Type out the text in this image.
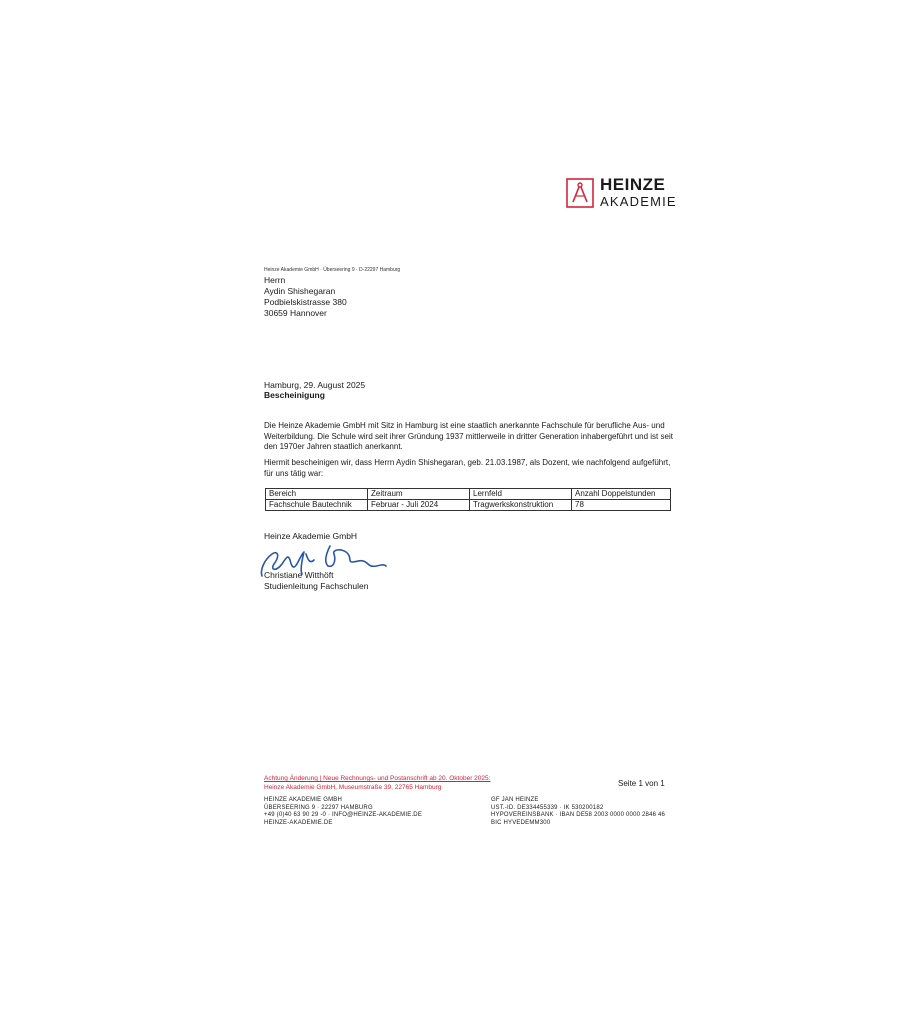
HEINZE
AKADEMIE
Heinze Akademie GmbH · Überseering 9 · D-22297 Hamburg
Herrn
Aydin Shishegaran
Podbielskistrasse 380
30659 Hannover
Hamburg, 29. August 2025
Bescheinigung
Die Heinze Akademie GmbH mit Sitz in Hamburg ist eine staatlich anerkannte Fachschule für berufliche Aus- und Weiterbildung. Die Schule wird seit ihrer Gründung 1937 mittlerweile in dritter Generation inhabergeführt und ist seit den 1970er Jahren staatlich anerkannt.
Hiermit bescheinigen wir, dass Herrn Aydin Shishegaran, geb. 21.03.1987, als Dozent, wie nachfolgend aufgeführt, für uns tätig war:
Bereich	Zeitraum	Lernfeld	Anzahl Doppelstunden
Fachschule Bautechnik	Februar - Juli 2024	Tragwerkskonstruktion	78
Heinze Akademie GmbH
Christiane Witthöft
Studienleitung Fachschulen
Achtung Änderung | Neue Rechnungs- und Postanschrift ab 20. Oktober 2025:
Heinze Akademie GmbH, Museumstraße 39, 22765 Hamburg	Seite 1 von 1
HEINZE AKADEMIE GMBH
ÜBERSEERING 9 · 22297 HAMBURG
+49 (0)40 63 90 29 -0 · INFO@HEINZE-AKADEMIE.DE
HEINZE-AKADEMIE.DE
GF JAN HEINZE
UST.-ID. DE334455339 · IK 530200182
HYPOVEREINSBANK · IBAN DE58 2003 0000 0000 2846 46
BIC HYVEDEMM300
